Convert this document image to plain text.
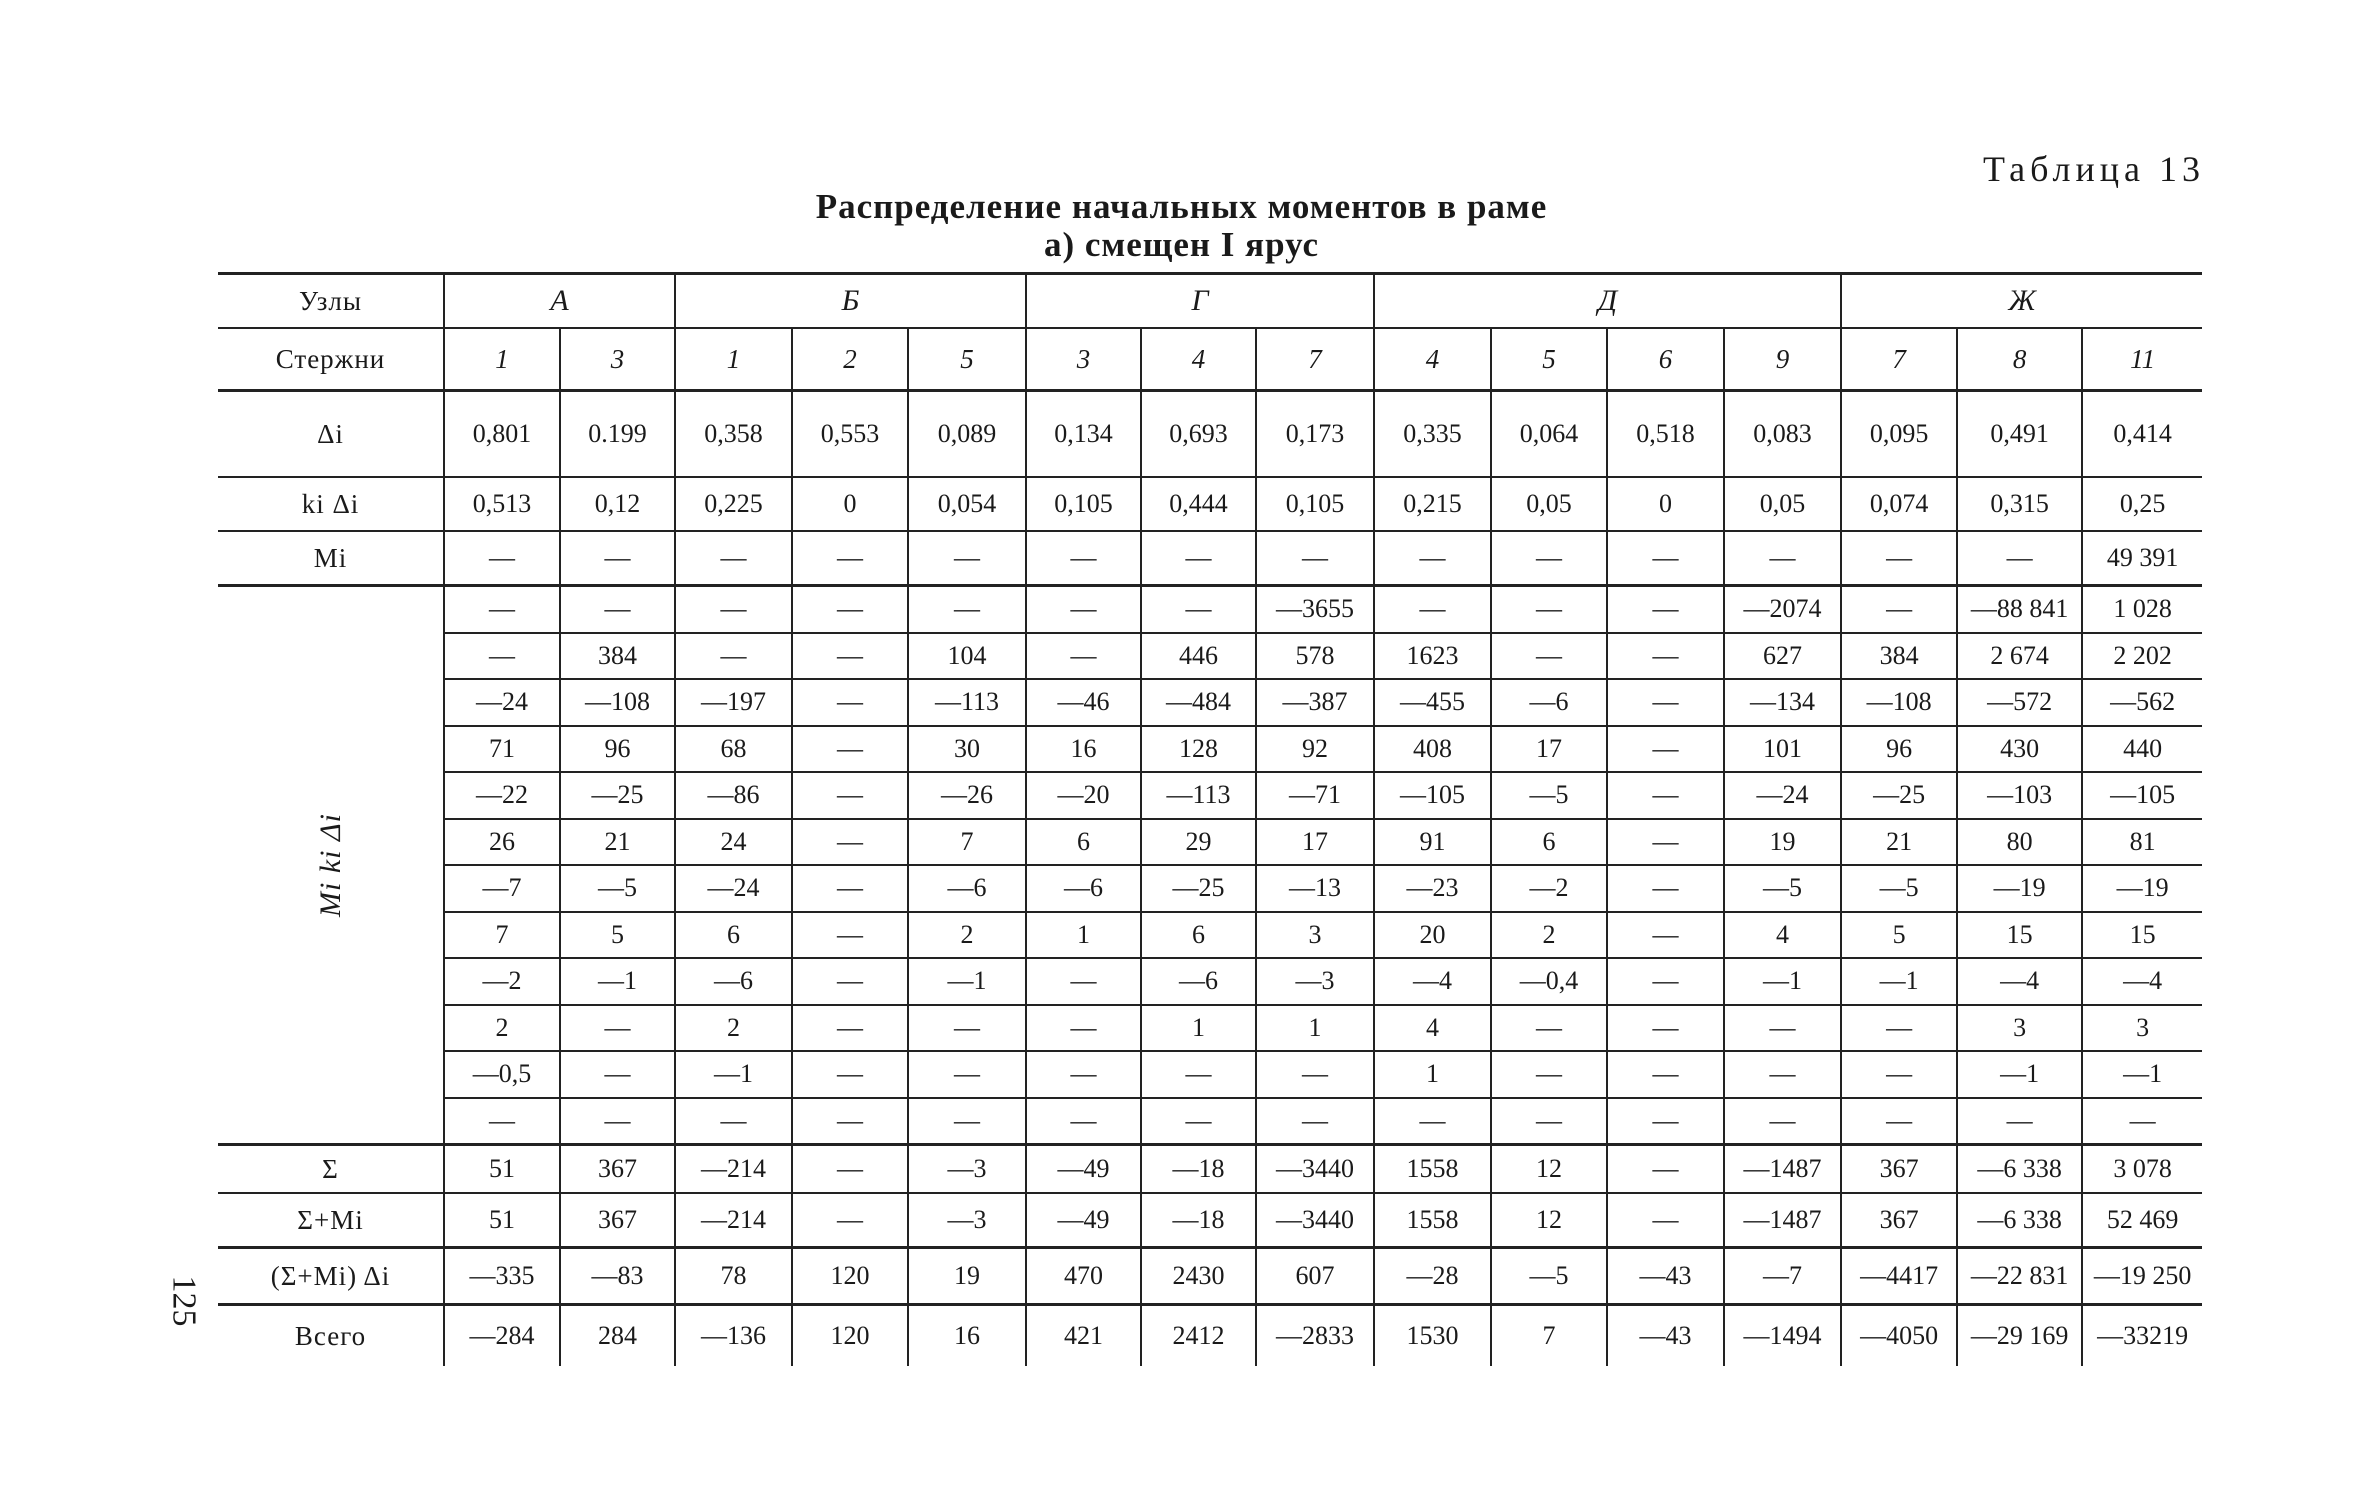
Таблица 13
Распределение начальных моментов в раме
а) смещен I ярус
125
Узлы	А		Б			Г			Д				Ж		
Стержни	1	3	1	2	5	3	4	7	4	5	6	9	7	8	11
Δi	0,801	0.199	0,358	0,553	0,089	0,134	0,693	0,173	0,335	0,064	0,518	0,083	0,095	0,491	0,414
ki Δi	0,513	0,12	0,225	0	0,054	0,105	0,444	0,105	0,215	0,05	0	0,05	0,074	0,315	0,25
Mi	—	—	—	—	—	—	—	—	—	—	—	—	—	—	49 391
Mi ki Δi	—	—	—	—	—	—	—	—3655	—	—	—	—2074	—	—88 841	1 028
	—	384	—	—	104	—	446	578	1623	—	—	627	384	2 674	2 202
	—24	—108	—197	—	—113	—46	—484	—387	—455	—6	—	—134	—108	—572	—562
	71	96	68	—	30	16	128	92	408	17	—	101	96	430	440
	—22	—25	—86	—	—26	—20	—113	—71	—105	—5	—	—24	—25	—103	—105
	26	21	24	—	7	6	29	17	91	6	—	19	21	80	81
	—7	—5	—24	—	—6	—6	—25	—13	—23	—2	—	—5	—5	—19	—19
	7	5	6	—	2	1	6	3	20	2	—	4	5	15	15
	—2	—1	—6	—	—1	—	—6	—3	—4	—0,4	—	—1	—1	—4	—4
	2	—	2	—	—	—	1	1	4	—	—	—	—	3	3
	—0,5	—	—1	—	—	—	—	—	1	—	—	—	—	—1	—1
	—	—	—	—	—	—	—	—	—	—	—	—	—	—	—
Σ	51	367	—214	—	—3	—49	—18	—3440	1558	12	—	—1487	367	—6 338	3 078
Σ+Mi	51	367	—214	—	—3	—49	—18	—3440	1558	12	—	—1487	367	—6 338	52 469
(Σ+Mi) Δi	—335	—83	78	120	19	470	2430	607	—28	—5	—43	—7	—4417	—22 831	—19 250
Всего	—284	284	—136	120	16	421	2412	—2833	1530	7	—43	—1494	—4050	—29 169	—33219
